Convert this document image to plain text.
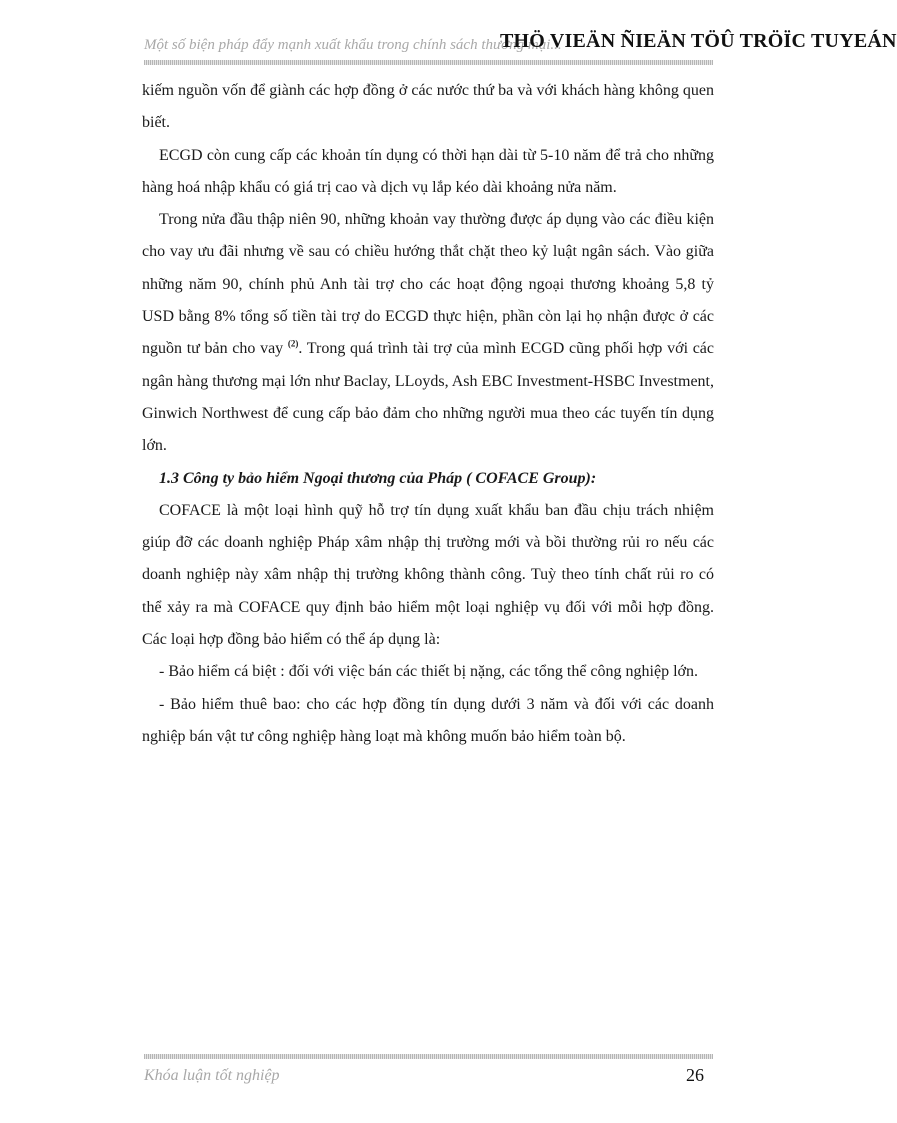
Một số biện pháp đẩy mạnh xuất khẩu trong chính sách thương mại...
THÖ VIEÄN ÑIEÄN TÖÛ TRÖÏC TUYEÁN

kiếm nguồn vốn để giành các hợp đồng ở các nước thứ ba và với khách hàng không quen biết.

ECGD còn cung cấp các khoản tín dụng có thời hạn dài từ 5-10 năm để trả cho những hàng hoá nhập khẩu có giá trị cao và dịch vụ lắp kéo dài khoảng nửa năm.

Trong nửa đầu thập niên 90, những khoản vay thường được áp dụng vào các điều kiện cho vay ưu đãi nhưng về sau có chiều hướng thắt chặt theo kỷ luật ngân sách. Vào giữa những năm 90, chính phủ Anh tài trợ cho các hoạt động ngoại thương khoảng 5,8 tỷ USD bằng 8% tổng số tiền tài trợ do ECGD thực hiện, phần còn lại họ nhận được ở các nguồn tư bản cho vay $^{(2)}$. Trong quá trình tài trợ của mình ECGD cũng phối hợp với các ngân hàng thương mại lớn như Baclay, LLoyds, Ash EBC Investment-HSBC Investment, Ginwich Northwest để cung cấp bảo đảm cho những người mua theo các tuyến tín dụng lớn.

1.3 Công ty bảo hiểm Ngoại thương của Pháp ( COFACE Group):

COFACE là một loại hình quỹ hỗ trợ tín dụng xuất khẩu ban đầu chịu trách nhiệm giúp đỡ các doanh nghiệp Pháp xâm nhập thị trường mới và bồi thường rủi ro nếu các doanh nghiệp này xâm nhập thị trường không thành công. Tuỳ theo tính chất rủi ro có thể xảy ra mà COFACE quy định bảo hiểm một loại nghiệp vụ đối với mỗi hợp đồng. Các loại hợp đồng bảo hiểm có thể áp dụng là:

- Bảo hiểm cá biệt : đối với việc bán các thiết bị nặng, các tổng thể công nghiệp lớn.

- Bảo hiểm thuê bao: cho các hợp đồng tín dụng dưới 3 năm và đối với các doanh nghiệp bán vật tư công nghiệp hàng loạt mà không muốn bảo hiểm toàn bộ.

Khóa luận tốt nghiệp	26
